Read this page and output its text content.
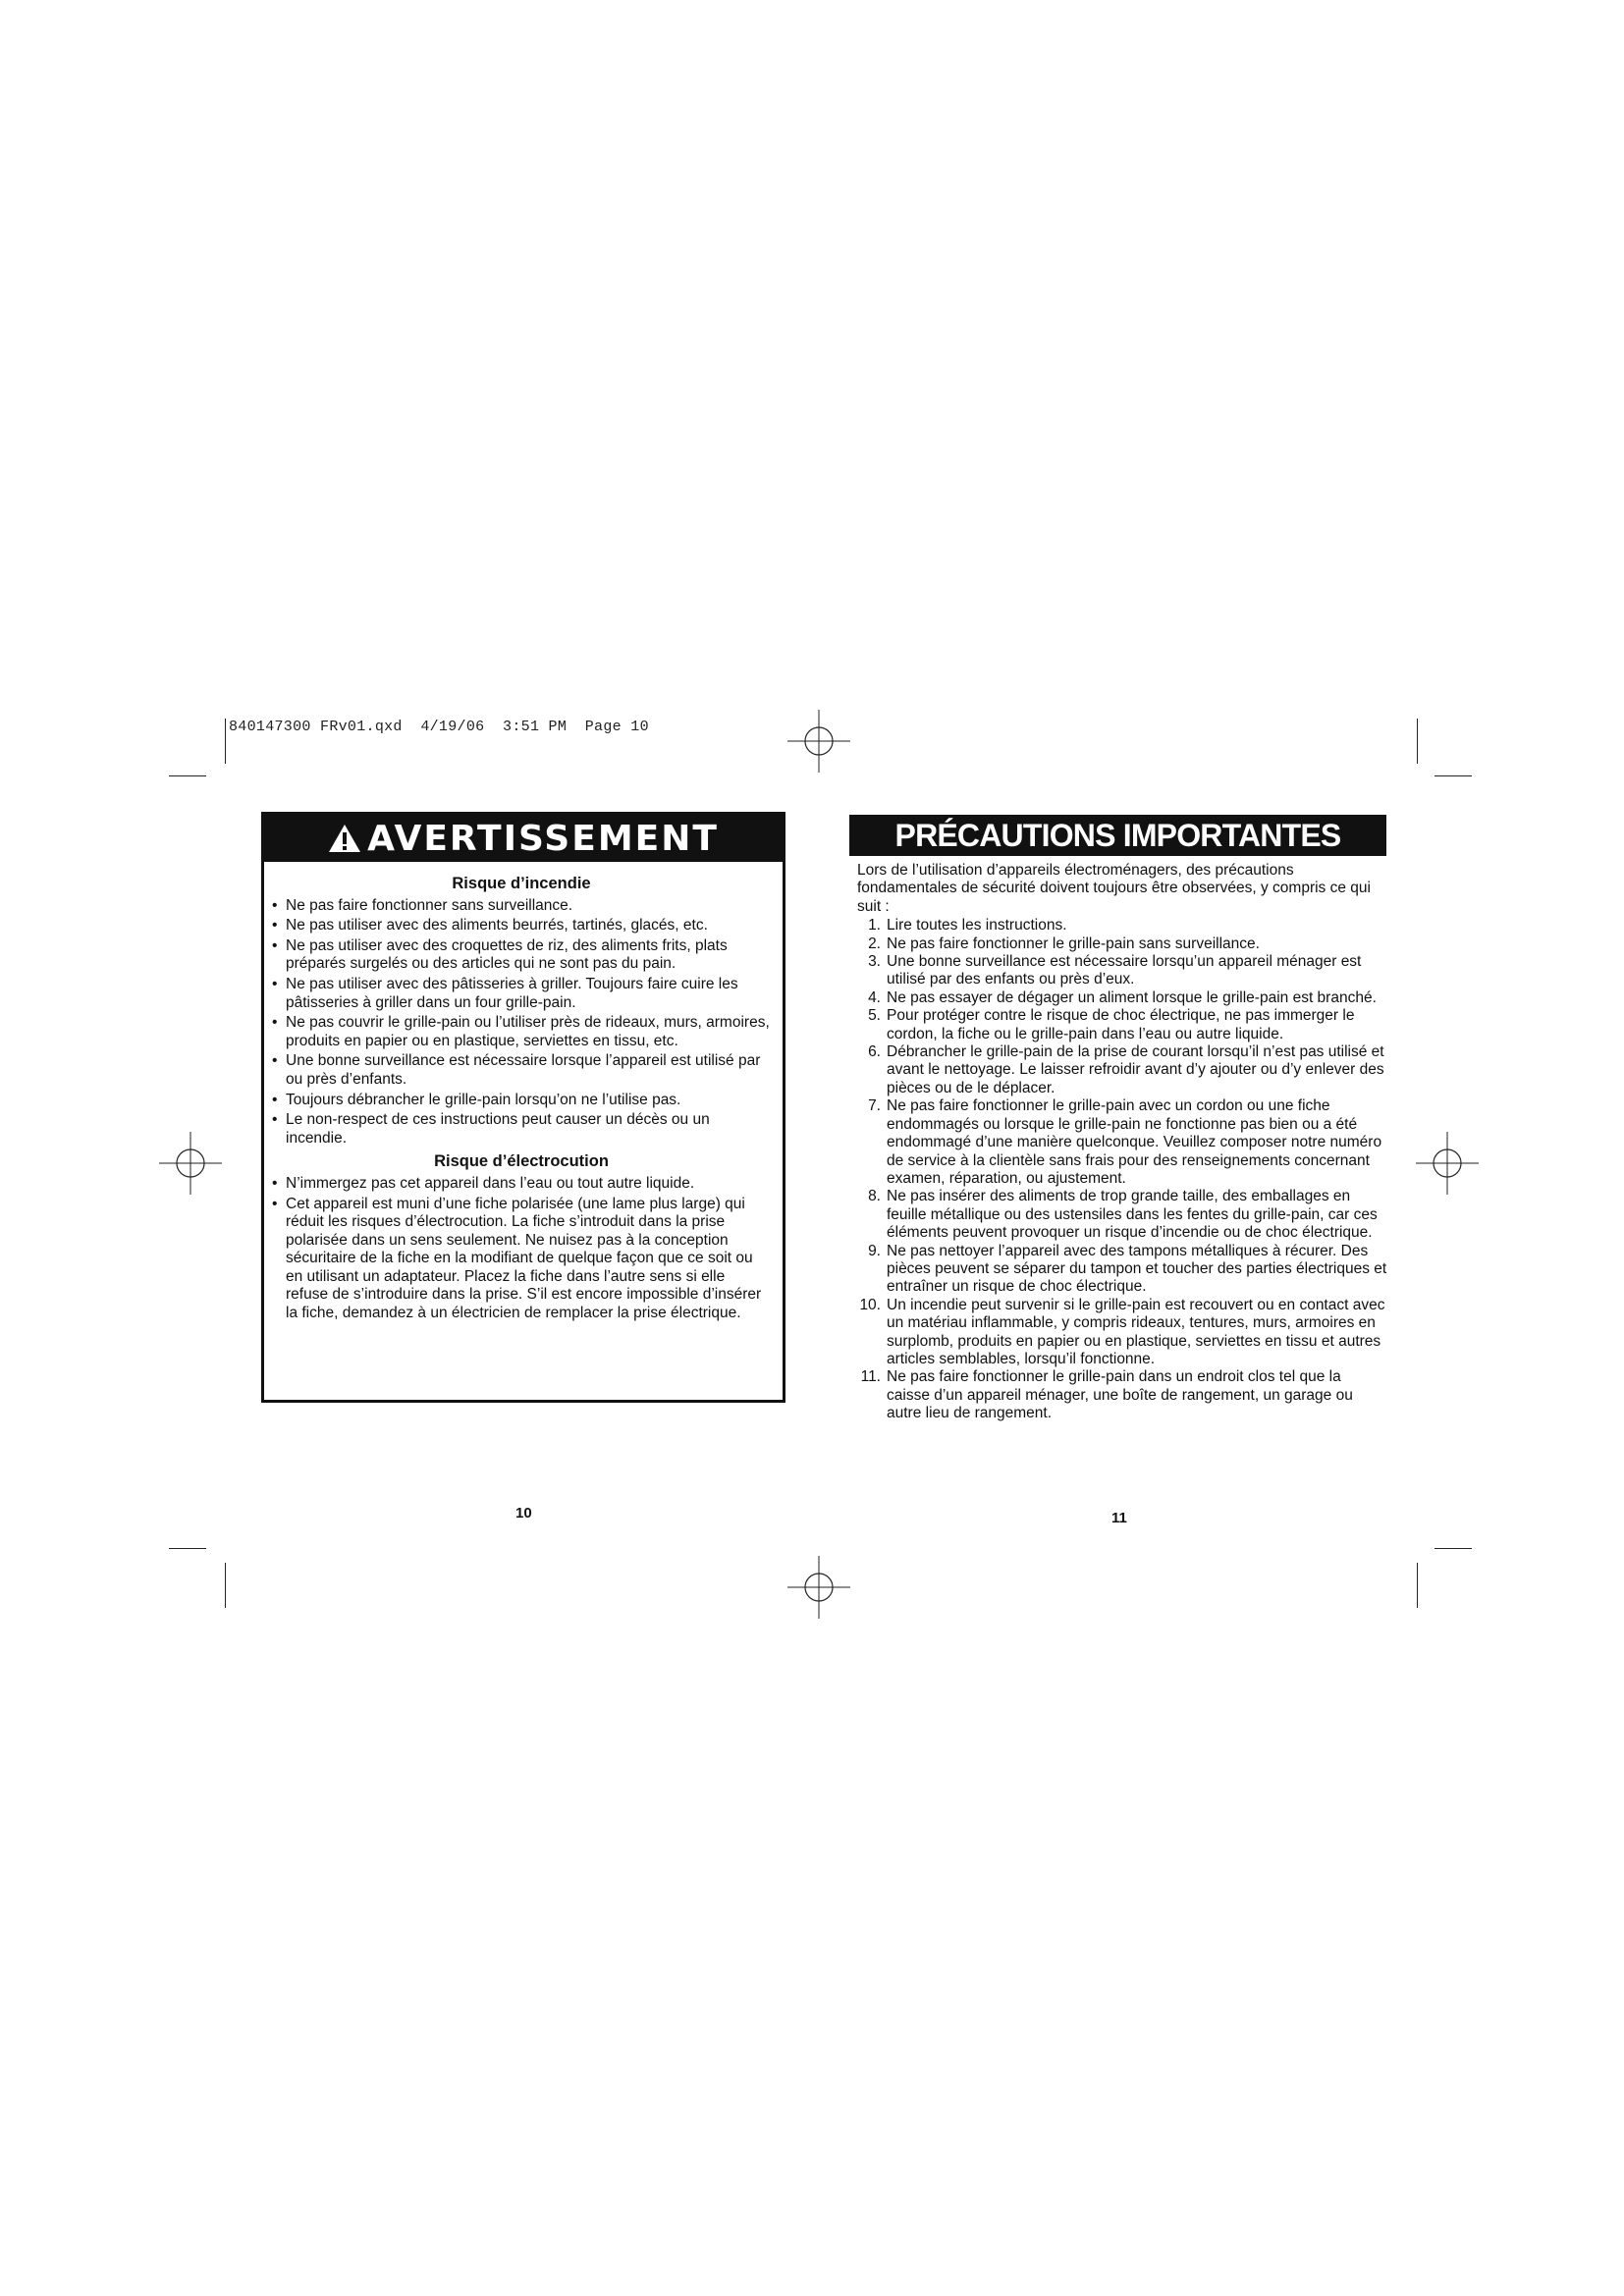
840147300 FRv01.qxd  4/19/06  3:51 PM  Page 10
AVERTISSEMENT
Risque d’incendie
• Ne pas faire fonctionner sans surveillance.
• Ne pas utiliser avec des aliments beurrés, tartinés, glacés, etc.
• Ne pas utiliser avec des croquettes de riz, des aliments frits, plats préparés surgelés ou des articles qui ne sont pas du pain.
• Ne pas utiliser avec des pâtisseries à griller. Toujours faire cuire les pâtisseries à griller dans un four grille-pain.
• Ne pas couvrir le grille-pain ou l’utiliser près de rideaux, murs, armoires, produits en papier ou en plastique, serviettes en tissu, etc.
• Une bonne surveillance est nécessaire lorsque l’appareil est utilisé par ou près d’enfants.
• Toujours débrancher le grille-pain lorsqu’on ne l’utilise pas.
• Le non-respect de ces instructions peut causer un décès ou un incendie.
Risque d’électrocution
• N’immergez pas cet appareil dans l’eau ou tout autre liquide.
• Cet appareil est muni d’une fiche polarisée (une lame plus large) qui réduit les risques d’électrocution. La fiche s’introduit dans la prise polarisée dans un sens seulement. Ne nuisez pas à la conception sécuritaire de la fiche en la modifiant de quelque façon que ce soit ou en utilisant un adaptateur. Placez la fiche dans l’autre sens si elle refuse de s’introduire dans la prise. S’il est encore impossible d’insérer la fiche, demandez à un électricien de remplacer la prise électrique.
10
PRÉCAUTIONS IMPORTANTES

Lors de l’utilisation d’appareils électroménagers, des précautions fondamentales de sécurité doivent toujours être observées, y compris ce qui suit :

1. Lire toutes les instructions.
2. Ne pas faire fonctionner le grille-pain sans surveillance.
3. Une bonne surveillance est nécessaire lorsqu’un appareil ménager est utilisé par des enfants ou près d’eux.
4. Ne pas essayer de dégager un aliment lorsque le grille-pain est branché.
5. Pour protéger contre le risque de choc électrique, ne pas immerger le cordon, la fiche ou le grille-pain dans l’eau ou autre liquide.
6. Débrancher le grille-pain de la prise de courant lorsqu’il n’est pas utilisé et avant le nettoyage. Le laisser refroidir avant d’y ajouter ou d’y enlever des pièces ou de le déplacer.
7. Ne pas faire fonctionner le grille-pain avec un cordon ou une fiche endommagés ou lorsque le grille-pain ne fonctionne pas bien ou a été endommagé d’une manière quelconque. Veuillez composer notre numéro de service à la clientèle sans frais pour des renseignements concernant examen, réparation, ou ajustement.
8. Ne pas insérer des aliments de trop grande taille, des emballages en feuille métallique ou des ustensiles dans les fentes du grille-pain, car ces éléments peuvent provoquer un risque d’incendie ou de choc électrique.
9. Ne pas nettoyer l’appareil avec des tampons métalliques à récurer. Des pièces peuvent se séparer du tampon et toucher des parties électriques et entraîner un risque de choc électrique.
10. Un incendie peut survenir si le grille-pain est recouvert ou en contact avec un matériau inflammable, y compris rideaux, tentures, murs, armoires en surplomb, produits en papier ou en plastique, serviettes en tissu et autres articles semblables, lorsqu’il fonctionne.
11. Ne pas faire fonctionner le grille-pain dans un endroit clos tel que la caisse d’un appareil ménager, une boîte de rangement, un garage ou autre lieu de rangement.
11
